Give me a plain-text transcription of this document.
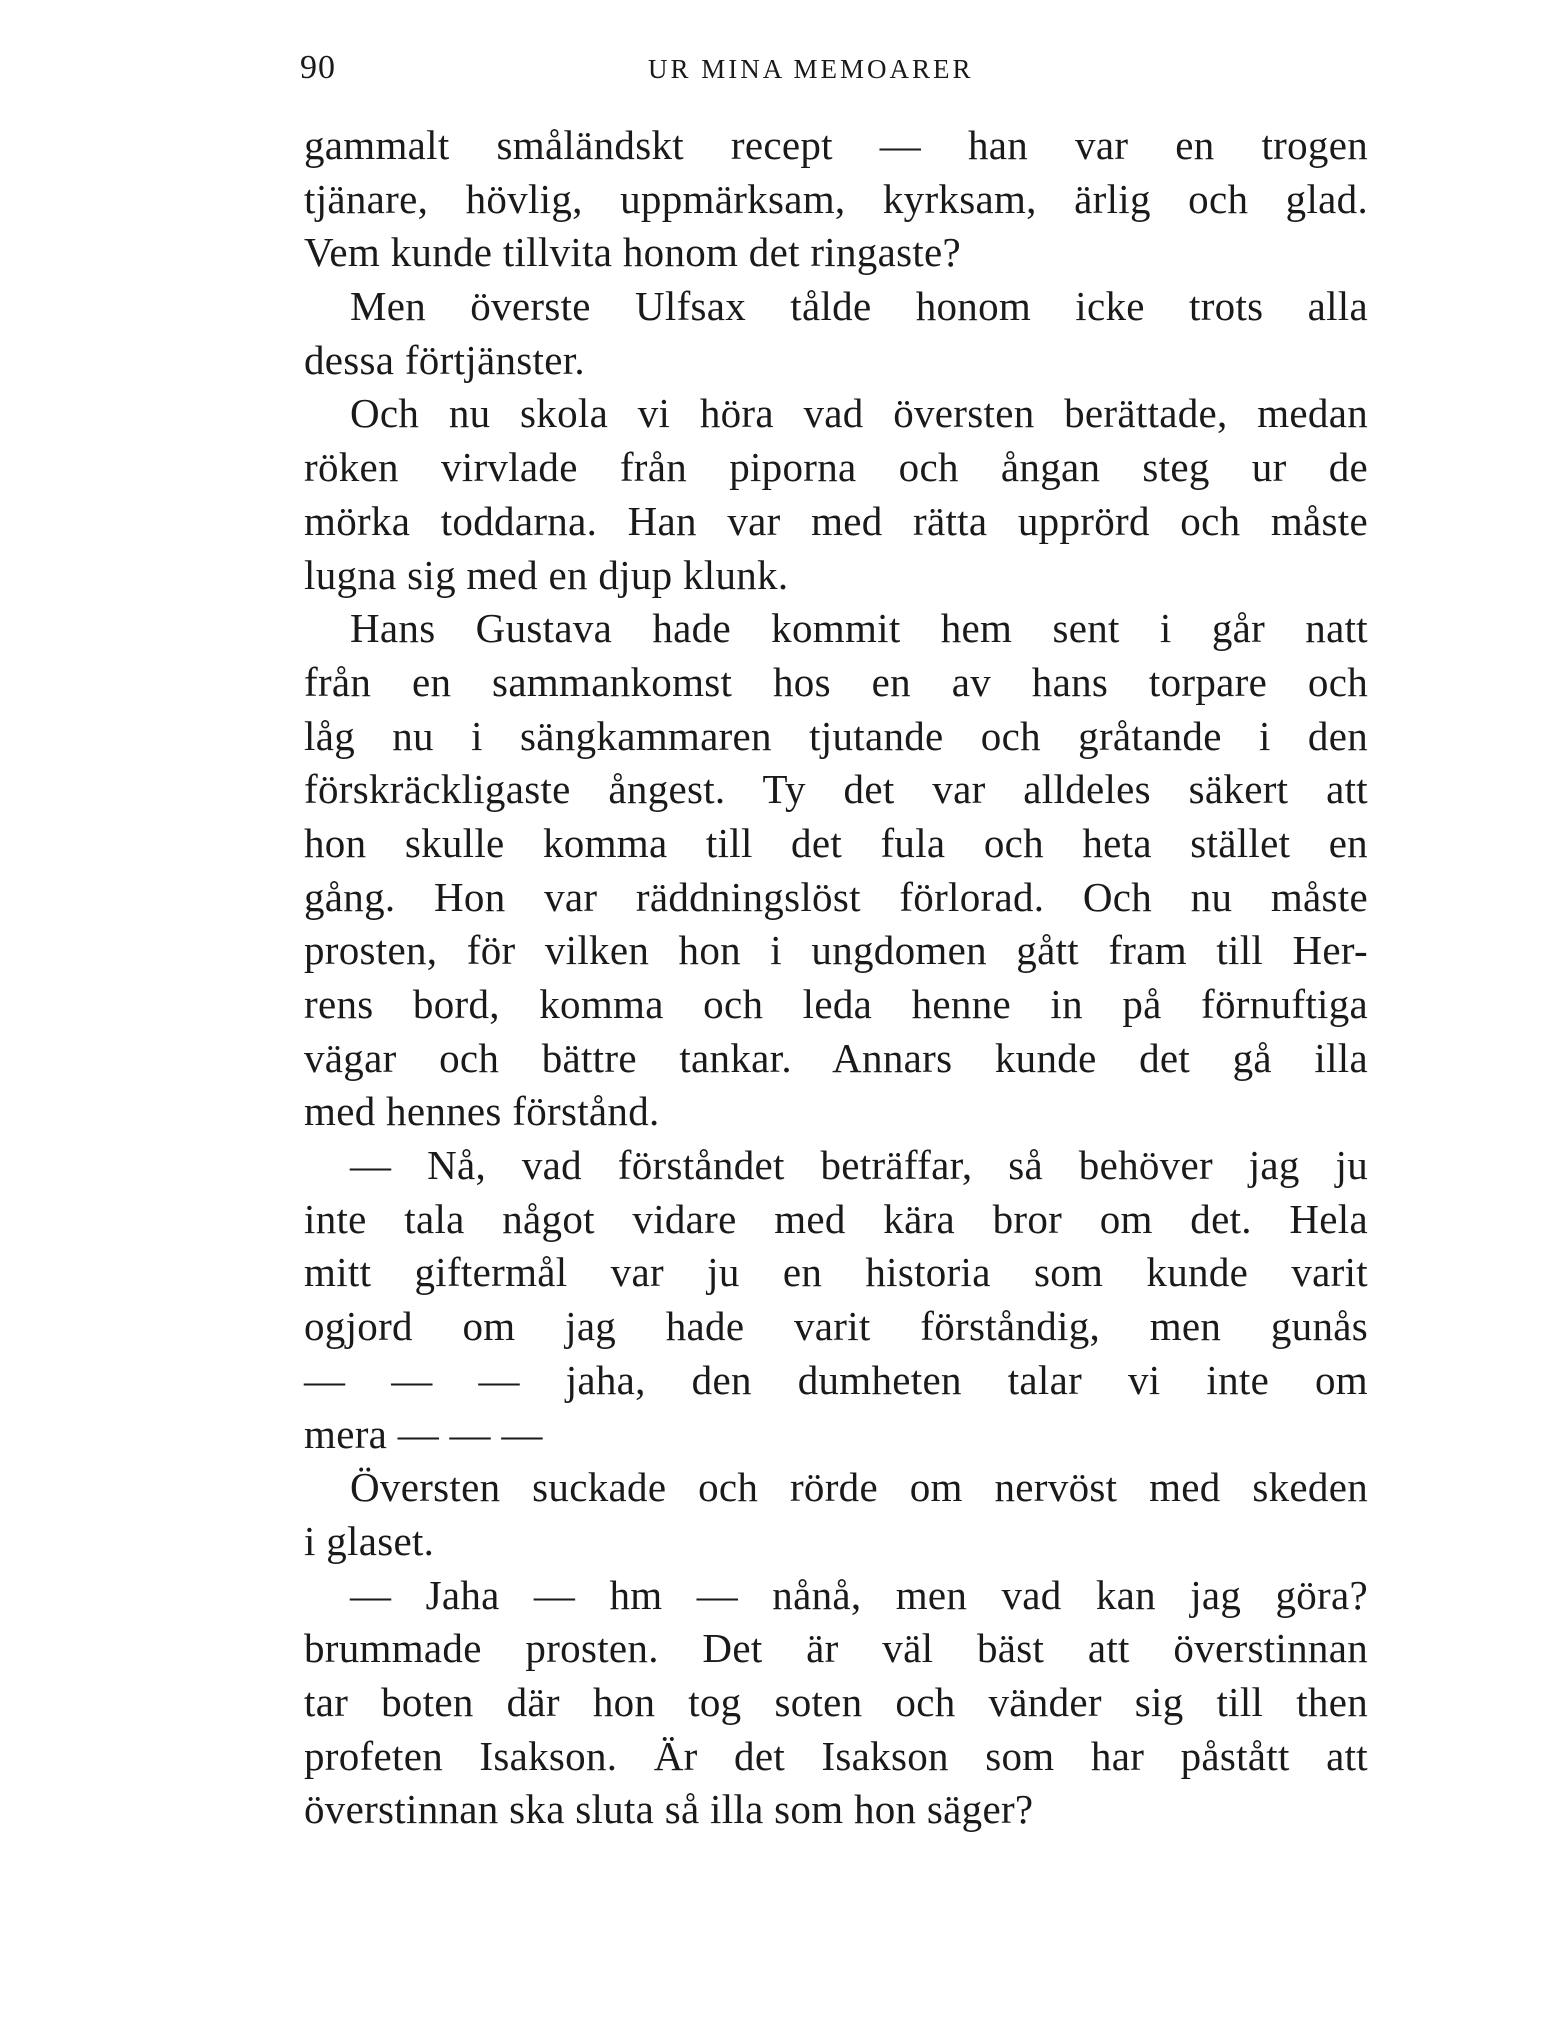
90	UR MINA MEMOARER
gammalt småländskt recept — han var en trogen
tjänare, hövlig, uppmärksam, kyrksam, ärlig och glad.
Vem kunde tillvita honom det ringaste?
Men överste Ulfsax tålde honom icke trots alla
dessa förtjänster.
Och nu skola vi höra vad översten berättade, medan
röken virvlade från piporna och ångan steg ur de
mörka toddarna. Han var med rätta upprörd och måste
lugna sig med en djup klunk.
Hans Gustava hade kommit hem sent i går natt
från en sammankomst hos en av hans torpare och
låg nu i sängkammaren tjutande och gråtande i den
förskräckligaste ångest. Ty det var alldeles säkert att
hon skulle komma till det fula och heta stället en
gång. Hon var räddningslöst förlorad. Och nu måste
prosten, för vilken hon i ungdomen gått fram till Her-
rens bord, komma och leda henne in på förnuftiga
vägar och bättre tankar. Annars kunde det gå illa
med hennes förstånd.
— Nå, vad förståndet beträffar, så behöver jag ju
inte tala något vidare med kära bror om det. Hela
mitt giftermål var ju en historia som kunde varit
ogjord om jag hade varit förståndig, men gunås
— — — jaha, den dumheten talar vi inte om
mera — — —
Översten suckade och rörde om nervöst med skeden
i glaset.
— Jaha — hm — nånå, men vad kan jag göra?
brummade prosten. Det är väl bäst att överstinnan
tar boten där hon tog soten och vänder sig till then
profeten Isakson. Är det Isakson som har påstått att
överstinnan ska sluta så illa som hon säger?
